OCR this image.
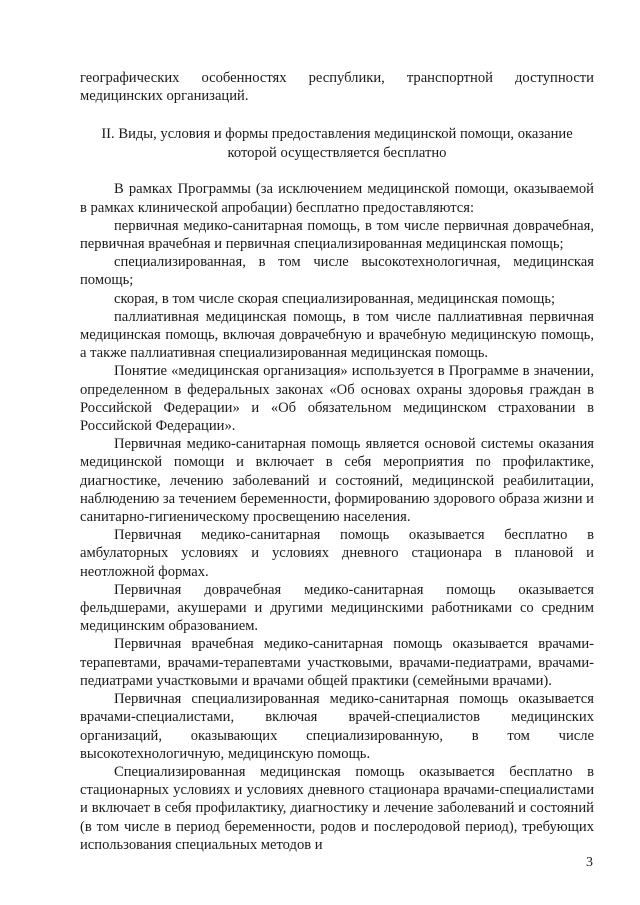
географических особенностях республики, транспортной доступности медицинских организаций.

II. Виды, условия и формы предоставления медицинской помощи, оказание которой осуществляется бесплатно

В рамках Программы (за исключением медицинской помощи, оказываемой в рамках клинической апробации) бесплатно предоставляются:

первичная медико-санитарная помощь, в том числе первичная доврачебная, первичная врачебная и первичная специализированная медицинская помощь;

специализированная, в том числе высокотехнологичная, медицинская помощь;

скорая, в том числе скорая специализированная, медицинская помощь;

паллиативная медицинская помощь, в том числе паллиативная первичная медицинская помощь, включая доврачебную и врачебную медицинскую помощь, а также паллиативная специализированная медицинская помощь.

Понятие «медицинская организация» используется в Программе в значении, определенном в федеральных законах «Об основах охраны здоровья граждан в Российской Федерации» и «Об обязательном медицинском страховании в Российской Федерации».

Первичная медико-санитарная помощь является основой системы оказания медицинской помощи и включает в себя мероприятия по профилактике, диагностике, лечению заболеваний и состояний, медицинской реабилитации, наблюдению за течением беременности, формированию здорового образа жизни и санитарно-гигиеническому просвещению населения.

Первичная медико-санитарная помощь оказывается бесплатно в амбулаторных условиях и условиях дневного стационара в плановой и неотложной формах.

Первичная доврачебная медико-санитарная помощь оказывается фельдшерами, акушерами и другими медицинскими работниками со средним медицинским образованием.

Первичная врачебная медико-санитарная помощь оказывается врачами-терапевтами, врачами-терапевтами участковыми, врачами-педиатрами, врачами-педиатрами участковыми и врачами общей практики (семейными врачами).

Первичная специализированная медико-санитарная помощь оказывается врачами-специалистами, включая врачей-специалистов медицинских организаций, оказывающих специализированную, в том числе высокотехнологичную, медицинскую помощь.

Специализированная медицинская помощь оказывается бесплатно в стационарных условиях и условиях дневного стационара врачами-специалистами и включает в себя профилактику, диагностику и лечение заболеваний и состояний (в том числе в период беременности, родов и послеродовой период), требующих использования специальных методов и

3
